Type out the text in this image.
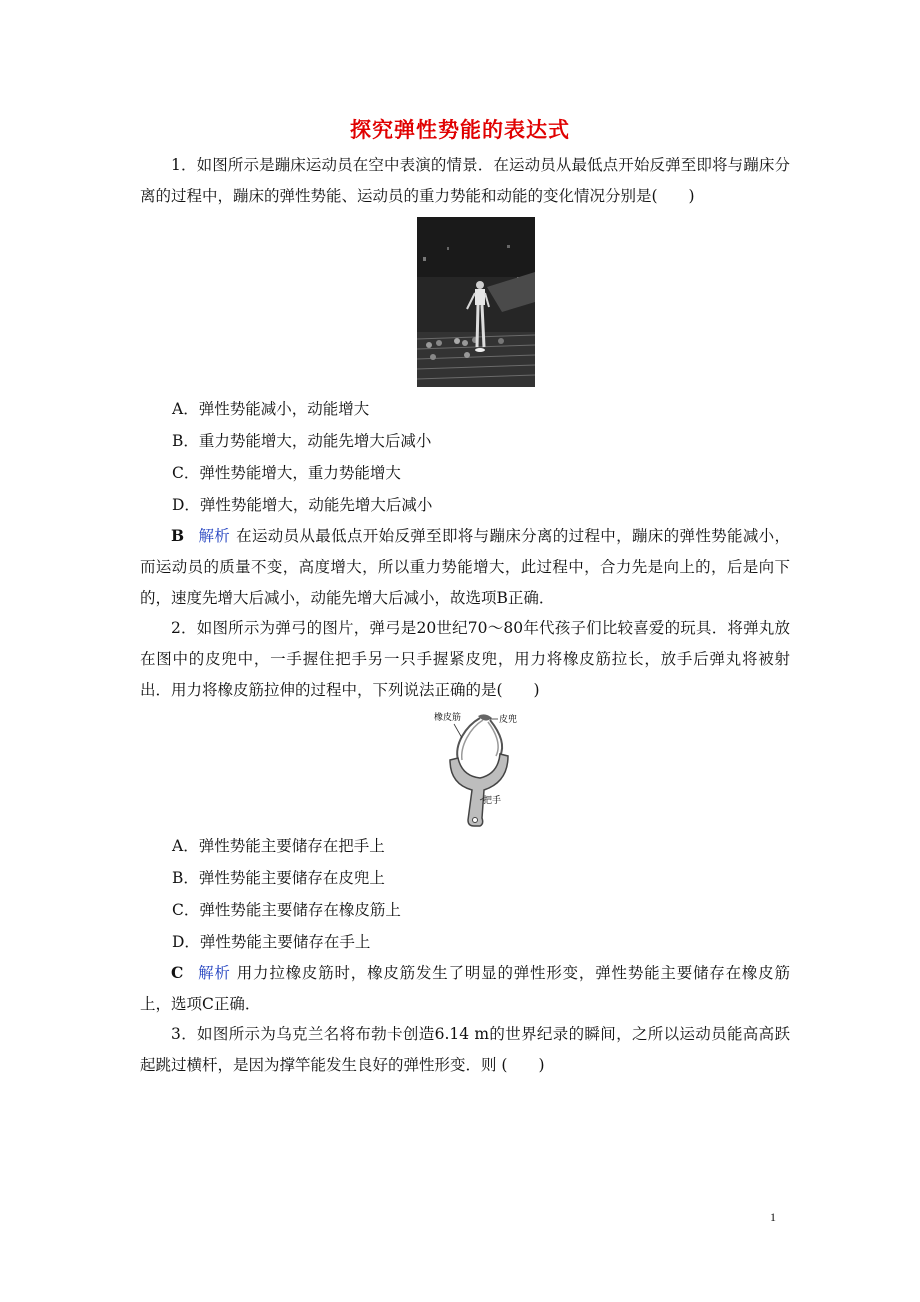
探究弹性势能的表达式
1．如图所示是蹦床运动员在空中表演的情景．在运动员从最低点开始反弹至即将与蹦床分离的过程中，蹦床的弹性势能、运动员的重力势能和动能的变化情况分别是(　　)
A．弹性势能减小，动能增大
B．重力势能增大，动能先增大后减小
C．弹性势能增大，重力势能增大
D．弹性势能增大，动能先增大后减小
B 解析 在运动员从最低点开始反弹至即将与蹦床分离的过程中，蹦床的弹性势能减小，而运动员的质量不变，高度增大，所以重力势能增大，此过程中，合力先是向上的，后是向下的，速度先增大后减小，动能先增大后减小，故选项B正确．
2．如图所示为弹弓的图片，弹弓是20世纪70～80年代孩子们比较喜爱的玩具．将弹丸放在图中的皮兜中，一手握住把手另一只手握紧皮兜，用力将橡皮筋拉长，放手后弹丸将被射出．用力将橡皮筋拉伸的过程中，下列说法正确的是(　　)
橡皮筋	皮兜
把手
A．弹性势能主要储存在把手上
B．弹性势能主要储存在皮兜上
C．弹性势能主要储存在橡皮筋上
D．弹性势能主要储存在手上
C 解析 用力拉橡皮筋时，橡皮筋发生了明显的弹性形变，弹性势能主要储存在橡皮筋上，选项C正确．
3．如图所示为乌克兰名将布勃卡创造6.14 m的世界纪录的瞬间，之所以运动员能高高跃起跳过横杆，是因为撑竿能发生良好的弹性形变．则 (　　)
1
